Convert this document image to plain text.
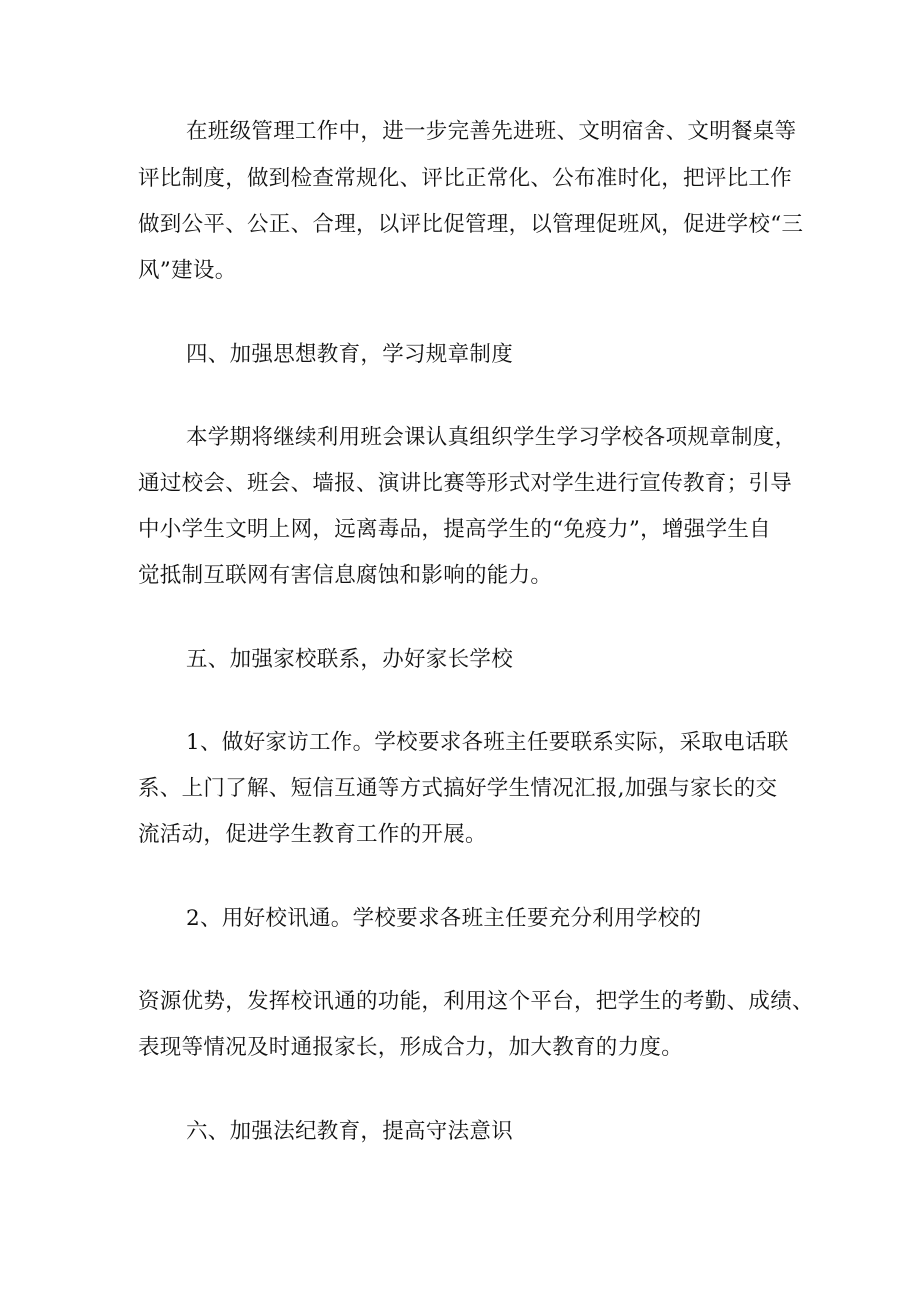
在班级管理工作中，进一步完善先进班、文明宿舍、文明餐桌等
评比制度，做到检查常规化、评比正常化、公布准时化，把评比工作
做到公平、公正、合理，以评比促管理，以管理促班风，促进学校“三
风”建设。
四、加强思想教育，学习规章制度
本学期将继续利用班会课认真组织学生学习学校各项规章制度，
通过校会、班会、墙报、演讲比赛等形式对学生进行宣传教育；引导
中小学生文明上网，远离毒品，提高学生的“免疫力”，增强学生自
觉抵制互联网有害信息腐蚀和影响的能力。
五、加强家校联系，办好家长学校
1、做好家访工作。学校要求各班主任要联系实际，采取电话联
系、上门了解、短信互通等方式搞好学生情况汇报,加强与家长的交
流活动，促进学生教育工作的开展。
2、用好校讯通。学校要求各班主任要充分利用学校的
资源优势，发挥校讯通的功能，利用这个平台，把学生的考勤、成绩、
表现等情况及时通报家长，形成合力，加大教育的力度。
六、加强法纪教育，提高守法意识
